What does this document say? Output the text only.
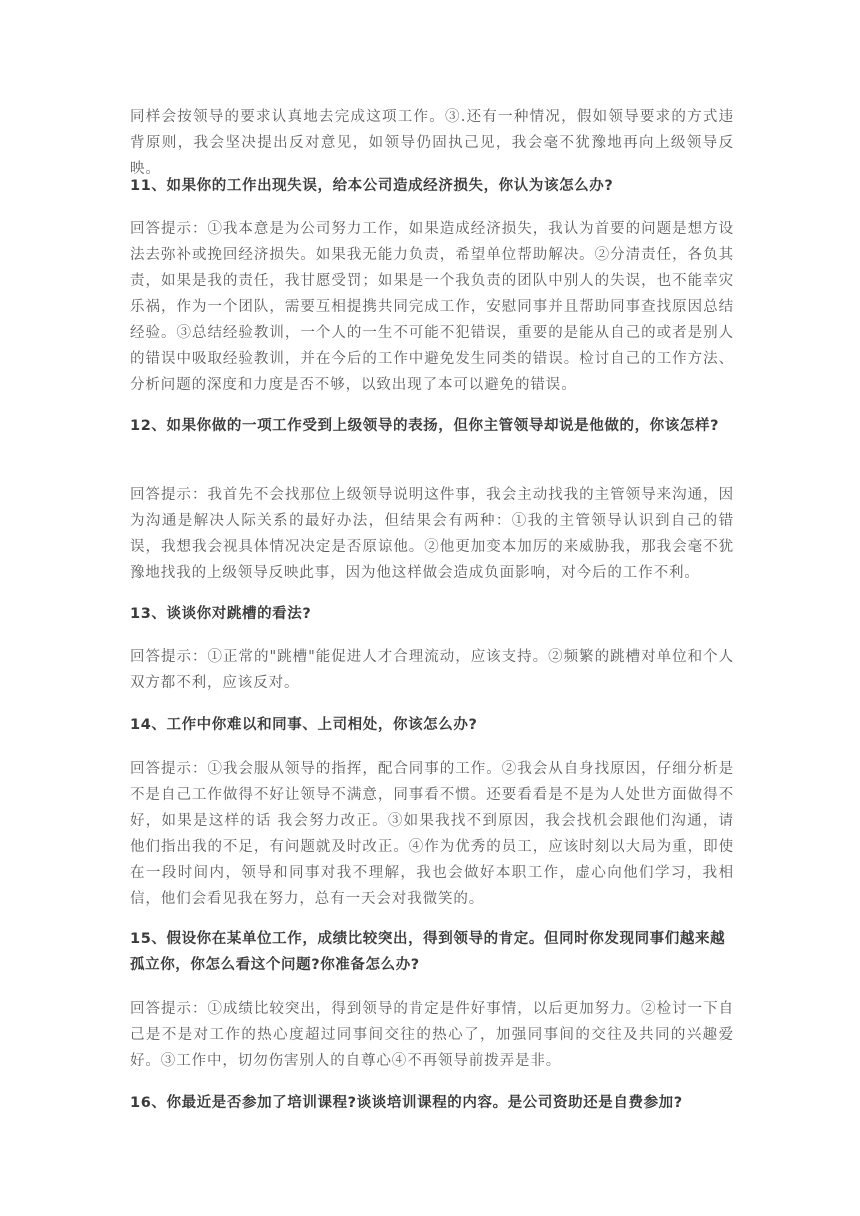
同样会按领导的要求认真地去完成这项工作。③.还有一种情况，假如领导要求的方式违背原则，我会坚决提出反对意见，如领导仍固执己见，我会毫不犹豫地再向上级领导反映。

11、如果你的工作出现失误，给本公司造成经济损失，你认为该怎么办?

回答提示：①我本意是为公司努力工作，如果造成经济损失，我认为首要的问题是想方设法去弥补或挽回经济损失。如果我无能力负责，希望单位帮助解决。②分清责任，各负其责，如果是我的责任，我甘愿受罚；如果是一个我负责的团队中别人的失误，也不能幸灾乐祸，作为一个团队，需要互相提携共同完成工作，安慰同事并且帮助同事查找原因总结经验。③总结经验教训，一个人的一生不可能不犯错误，重要的是能从自己的或者是别人的错误中吸取经验教训，并在今后的工作中避免发生同类的错误。检讨自己的工作方法、分析问题的深度和力度是否不够，以致出现了本可以避免的错误。

12、如果你做的一项工作受到上级领导的表扬，但你主管领导却说是他做的，你该怎样?

回答提示：我首先不会找那位上级领导说明这件事，我会主动找我的主管领导来沟通，因为沟通是解决人际关系的最好办法，但结果会有两种：①我的主管领导认识到自己的错误，我想我会视具体情况决定是否原谅他。②他更加变本加厉的来威胁我，那我会毫不犹豫地找我的上级领导反映此事，因为他这样做会造成负面影响，对今后的工作不利。

13、谈谈你对跳槽的看法?

回答提示：①正常的"跳槽"能促进人才合理流动，应该支持。②频繁的跳槽对单位和个人双方都不利，应该反对。

14、工作中你难以和同事、上司相处，你该怎么办?

回答提示：①我会服从领导的指挥，配合同事的工作。②我会从自身找原因，仔细分析是不是自己工作做得不好让领导不满意，同事看不惯。还要看看是不是为人处世方面做得不好，如果是这样的话 我会努力改正。③如果我找不到原因，我会找机会跟他们沟通，请他们指出我的不足，有问题就及时改正。④作为优秀的员工，应该时刻以大局为重，即使在一段时间内，领导和同事对我不理解，我也会做好本职工作，虚心向他们学习，我相信，他们会看见我在努力，总有一天会对我微笑的。

15、假设你在某单位工作，成绩比较突出，得到领导的肯定。但同时你发现同事们越来越孤立你，你怎么看这个问题?你准备怎么办?

回答提示：①成绩比较突出，得到领导的肯定是件好事情，以后更加努力。②检讨一下自己是不是对工作的热心度超过同事间交往的热心了，加强同事间的交往及共同的兴趣爱好。③工作中，切勿伤害别人的自尊心④不再领导前拨弄是非。

16、你最近是否参加了培训课程?谈谈培训课程的内容。是公司资助还是自费参加?
